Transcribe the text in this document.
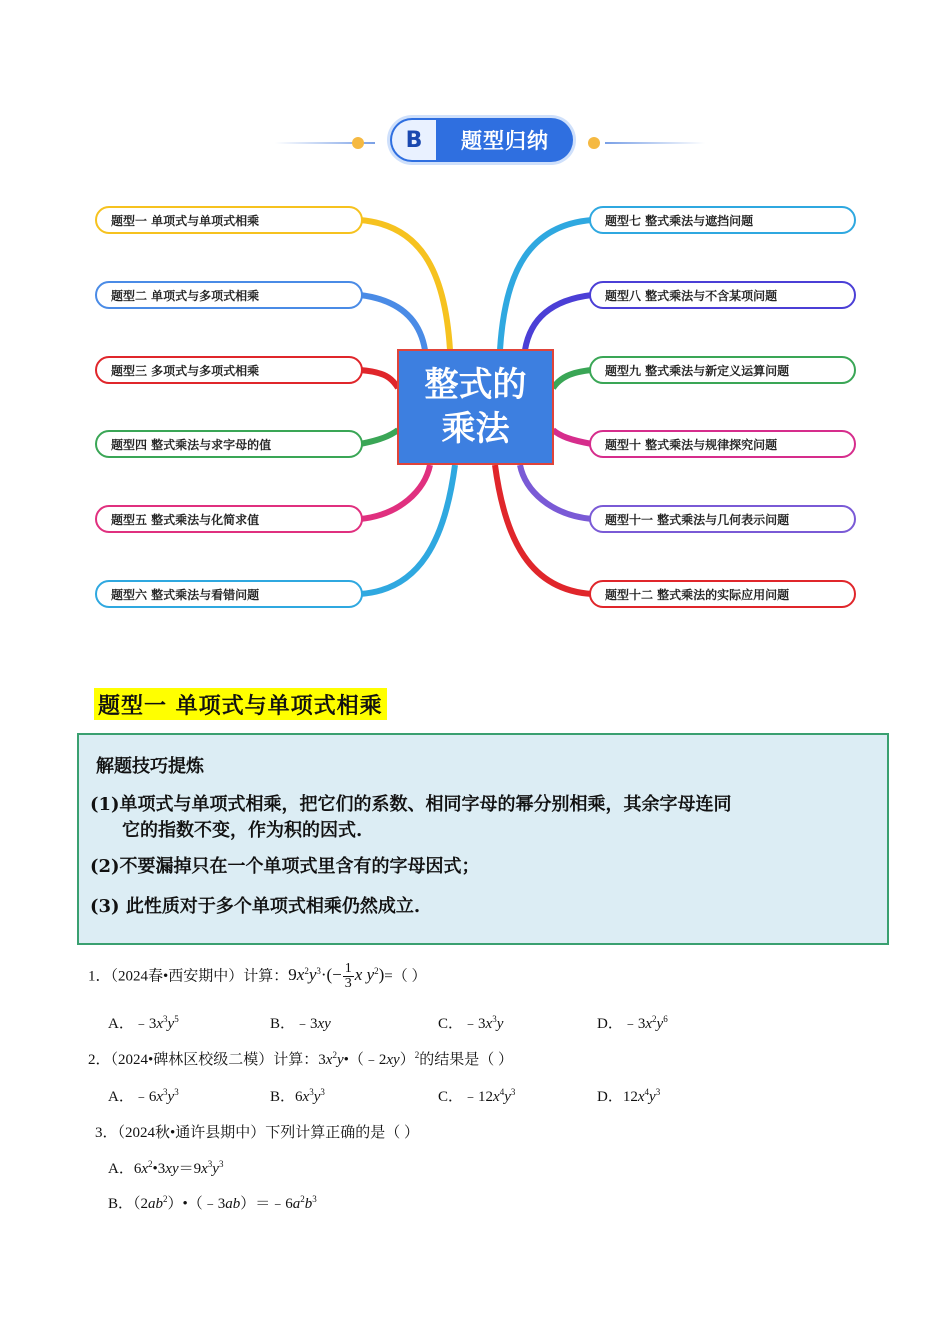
B	题型归纳
题型一 单项式与单项式相乘
题型二 单项式与多项式相乘
题型三 多项式与多项式相乘
题型四 整式乘法与求字母的值
题型五 整式乘法与化简求值
题型六 整式乘法与看错问题
题型七 整式乘法与遮挡问题
题型八 整式乘法与不含某项问题
题型九 整式乘法与新定义运算问题
题型十 整式乘法与规律探究问题
题型十一 整式乘法与几何表示问题
题型十二 整式乘法的实际应用问题
整式的
乘法
题型一 单项式与单项式相乘
解题技巧提炼
(1)单项式与单项式相乘，把它们的系数、相同字母的幂分别相乘，其余字母连同
它的指数不变，作为积的因式.
(2)不要漏掉只在一个单项式里含有的字母因式；
(3) 此性质对于多个单项式相乘仍然成立.
1．（2024春•西安期中）计算：$9x^2y^3\cdot(- \frac{1}{3}$ x $y^2)=$（ ）
A．$﹣3x^3y^5$	B．﹣3xy	C．$﹣3x^3y$	D．$﹣3x^2y^6$
2．（2024•碑林区校级二模）计算：$3x^2y•(﹣2xy)^2$的结果是（ ）
A．$﹣6x^3y^3$	B．$6x^3y^3$	C．$﹣12x^4y^3$	D．$12x^4y^3$
3．（2024秋•通许县期中）下列计算正确的是（ ）
A．$6x^2•3xy=9x^3y^3$
B．$(2ab^2)•(﹣3ab)=﹣6a^2b^3$
